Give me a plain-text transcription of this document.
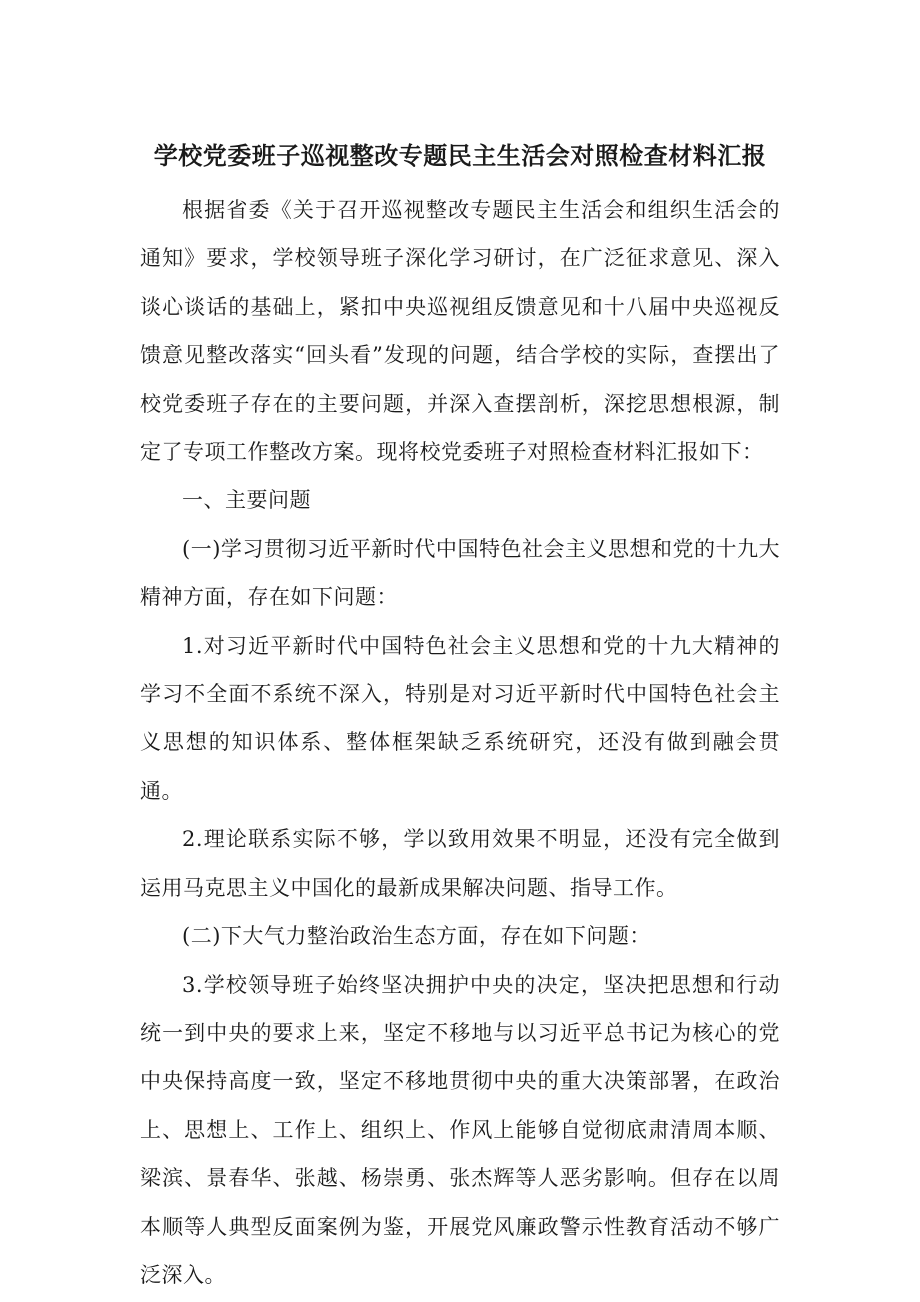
学校党委班子巡视整改专题民主生活会对照检查材料汇报

根据省委《关于召开巡视整改专题民主生活会和组织生活会的通知》要求，学校领导班子深化学习研讨，在广泛征求意见、深入谈心谈话的基础上，紧扣中央巡视组反馈意见和十八届中央巡视反馈意见整改落实“回头看”发现的问题，结合学校的实际，查摆出了校党委班子存在的主要问题，并深入查摆剖析，深挖思想根源，制定了专项工作整改方案。现将校党委班子对照检查材料汇报如下：

一、主要问题

(一)学习贯彻习近平新时代中国特色社会主义思想和党的十九大精神方面，存在如下问题：

1.对习近平新时代中国特色社会主义思想和党的十九大精神的学习不全面不系统不深入，特别是对习近平新时代中国特色社会主义思想的知识体系、整体框架缺乏系统研究，还没有做到融会贯通。

2.理论联系实际不够，学以致用效果不明显，还没有完全做到运用马克思主义中国化的最新成果解决问题、指导工作。

(二)下大气力整治政治生态方面，存在如下问题：

3.学校领导班子始终坚决拥护中央的决定，坚决把思想和行动统一到中央的要求上来，坚定不移地与以习近平总书记为核心的党中央保持高度一致，坚定不移地贯彻中央的重大决策部署，在政治上、思想上、工作上、组织上、作风上能够自觉彻底肃清周本顺、梁滨、景春华、张越、杨崇勇、张杰辉等人恶劣影响。但存在以周本顺等人典型反面案例为鉴，开展党风廉政警示性教育活动不够广泛深入。
